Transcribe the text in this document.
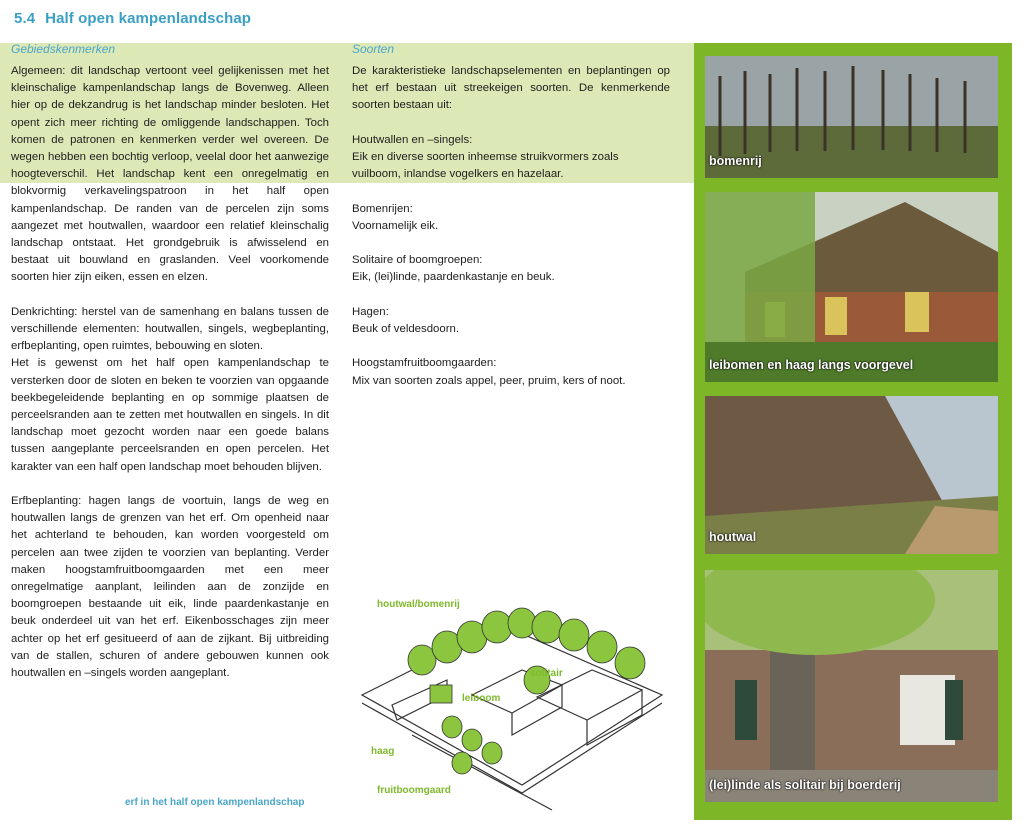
5.4 Half open kampenlandschap
Gebiedskenmerken

Algemeen: dit landschap vertoont veel gelijkenissen met het kleinschalige kampenlandschap langs de Bovenweg. Alleen hier op de dekzandrug is het landschap minder besloten. Het opent zich meer richting de omliggende landschappen. Toch komen de patronen en kenmerken verder wel overeen. De wegen hebben een bochtig verloop, veelal door het aanwezige hoogteverschil. Het landschap kent een onregelmatig en blokvormig verkavelingspatroon in het half open kampenlandschap. De randen van de percelen zijn soms aangezet met houtwallen, waardoor een relatief kleinschalig landschap ontstaat. Het grondgebruik is afwisselend en bestaat uit bouwland en graslanden. Veel voorkomende soorten hier zijn eiken, essen en elzen.

Denkrichting: herstel van de samenhang en balans tussen de verschillende elementen: houtwallen, singels, wegbeplanting, erfbeplanting, open ruimtes, bebouwing en sloten.

Het is gewenst om het half open kampenlandschap te versterken door de sloten en beken te voorzien van opgaande beekbegeleidende beplanting en op sommige plaatsen de perceelsranden aan te zetten met houtwallen en singels. In dit landschap moet gezocht worden naar een goede balans tussen aangeplante perceelsranden en open percelen. Het karakter van een half open landschap moet behouden blijven.

Erfbeplanting: hagen langs de voortuin, langs de weg en houtwallen langs de grenzen van het erf. Om openheid naar het achterland te behouden, kan worden voorgesteld om percelen aan twee zijden te voorzien van beplanting. Verder maken hoogstamfruitboomgaarden met een meer onregelmatige aanplant, leilinden aan de zonzijde en boomgroepen bestaande uit eik, linde paardenkastanje en beuk onderdeel uit van het erf. Eikenbosschages zijn meer achter op het erf gesitueerd of aan de zijkant. Bij uitbreiding van de stallen, schuren of andere gebouwen kunnen ook houtwallen en –singels worden aangeplant.

Soorten

De karakteristieke landschapselementen en beplantingen op het erf bestaan uit streekeigen soorten. De kenmerkende soorten bestaan uit:

Houtwallen en –singels:

Eik en diverse soorten inheemse struikvormers zoals vuilboom, inlandse vogelkers en hazelaar.

Bomenrijen:

Voornamelijk eik.

Solitaire of boomgroepen:

Eik, (lei)linde, paardenkastanje en beuk.

Hagen:

Beuk of veldesdoorn.

Hoogstamfruitboomgaarden:

Mix van soorten zoals appel, peer, pruim, kers of noot.

houtwal/bomenrij
solitair
leiboom
haag
fruitboomgaard
erf in het half open kampenlandschap
bomenrij
leibomen en haag langs voorgevel
houtwal
(lei)linde als solitair bij boerderij
